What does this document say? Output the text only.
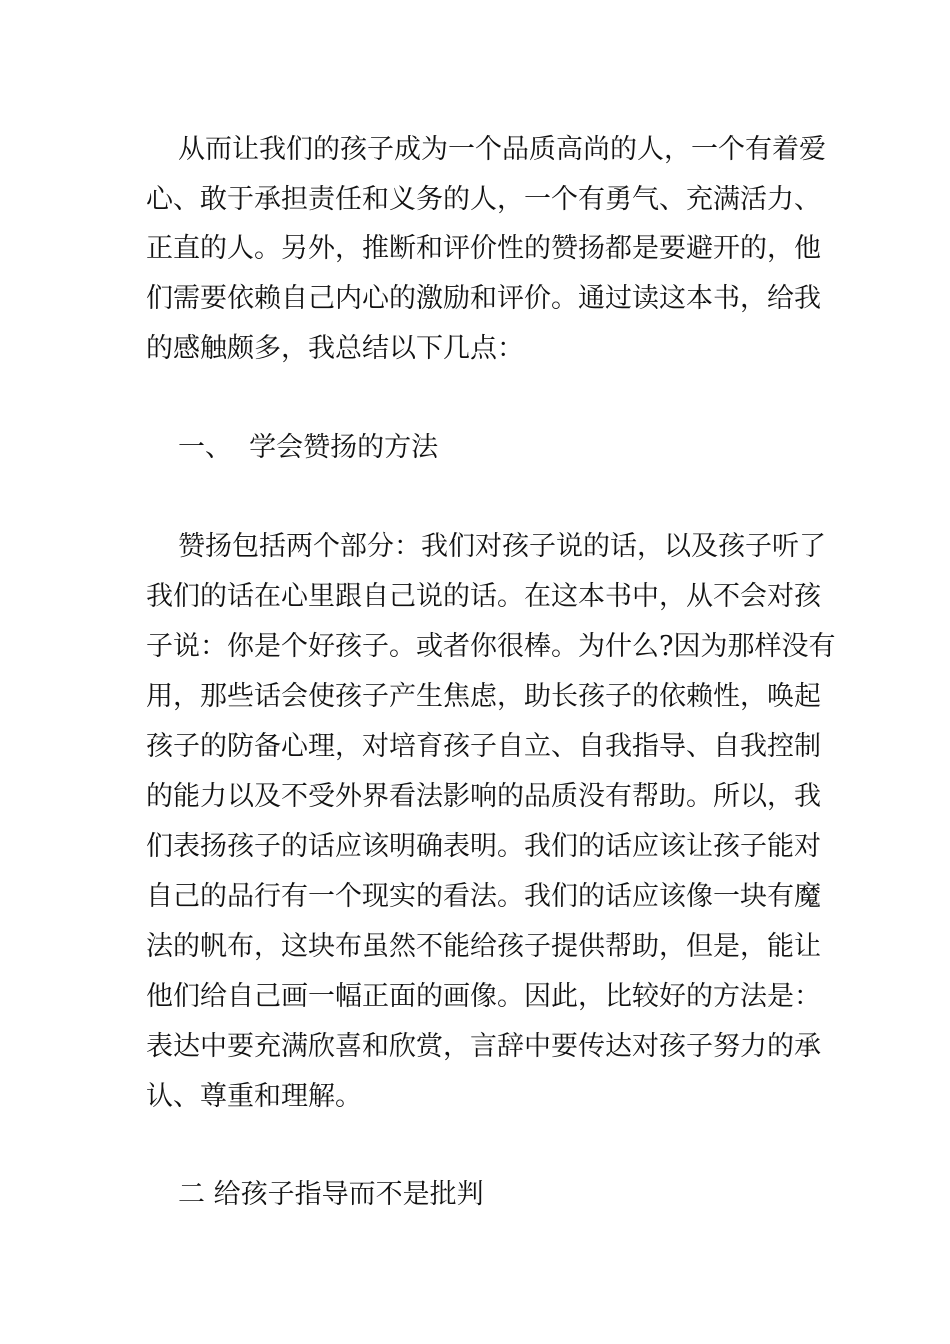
从而让我们的孩子成为一个品质高尚的人，一个有着爱
心、敢于承担责任和义务的人，一个有勇气、充满活力、
正直的人。另外，推断和评价性的赞扬都是要避开的，他
们需要依赖自己内心的激励和评价。通过读这本书，给我
的感触颇多，我总结以下几点：
一、  学会赞扬的方法
赞扬包括两个部分：我们对孩子说的话，以及孩子听了
我们的话在心里跟自己说的话。在这本书中，从不会对孩
子说：你是个好孩子。或者你很棒。为什么?因为那样没有
用，那些话会使孩子产生焦虑，助长孩子的依赖性，唤起
孩子的防备心理，对培育孩子自立、自我指导、自我控制
的能力以及不受外界看法影响的品质没有帮助。所以，我
们表扬孩子的话应该明确表明。我们的话应该让孩子能对
自己的品行有一个现实的看法。我们的话应该像一块有魔
法的帆布，这块布虽然不能给孩子提供帮助，但是，能让
他们给自己画一幅正面的画像。因此，比较好的方法是：
表达中要充满欣喜和欣赏，言辞中要传达对孩子努力的承
认、尊重和理解。
二 给孩子指导而不是批判
